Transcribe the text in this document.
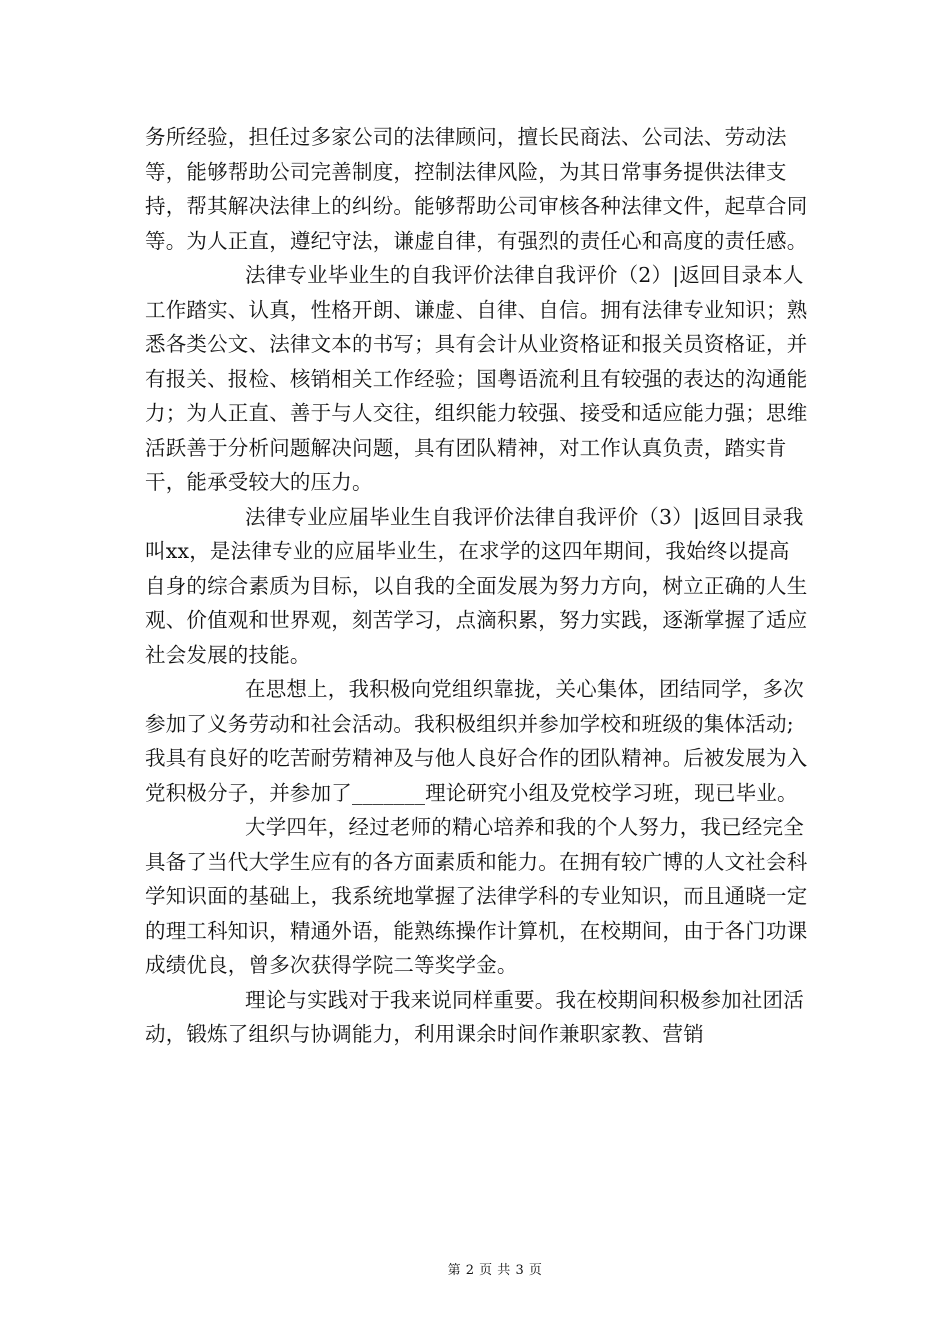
务所经验，担任过多家公司的法律顾问，擅长民商法、公司法、劳动法等，能够帮助公司完善制度，控制法律风险，为其日常事务提供法律支持，帮其解决法律上的纠纷。能够帮助公司审核各种法律文件，起草合同等。为人正直，遵纪守法，谦虚自律，有强烈的责任心和高度的责任感。

法律专业毕业生的自我评价法律自我评价（2）|返回目录本人工作踏实、认真，性格开朗、谦虚、自律、自信。拥有法律专业知识；熟悉各类公文、法律文本的书写；具有会计从业资格证和报关员资格证，并有报关、报检、核销相关工作经验；国粤语流利且有较强的表达的沟通能力；为人正直、善于与人交往，组织能力较强、接受和适应能力强；思维活跃善于分析问题解决问题，具有团队精神，对工作认真负责，踏实肯干，能承受较大的压力。

法律专业应届毕业生自我评价法律自我评价（3）|返回目录我叫xx，是法律专业的应届毕业生，在求学的这四年期间，我始终以提高自身的综合素质为目标，以自我的全面发展为努力方向，树立正确的人生观、价值观和世界观，刻苦学习，点滴积累，努力实践，逐渐掌握了适应社会发展的技能。

在思想上，我积极向党组织靠拢，关心集体，团结同学，多次参加了义务劳动和社会活动。我积极组织并参加学校和班级的集体活动;我具有良好的吃苦耐劳精神及与他人良好合作的团队精神。后被发展为入党积极分子，并参加了_______理论研究小组及党校学习班，现已毕业。

大学四年，经过老师的精心培养和我的个人努力，我已经完全具备了当代大学生应有的各方面素质和能力。在拥有较广博的人文社会科学知识面的基础上，我系统地掌握了法律学科的专业知识，而且通晓一定的理工科知识，精通外语，能熟练操作计算机，在校期间，由于各门功课成绩优良，曾多次获得学院二等奖学金。

理论与实践对于我来说同样重要。我在校期间积极参加社团活动，锻炼了组织与协调能力，利用课余时间作兼职家教、营销

第 2 页 共 3 页
